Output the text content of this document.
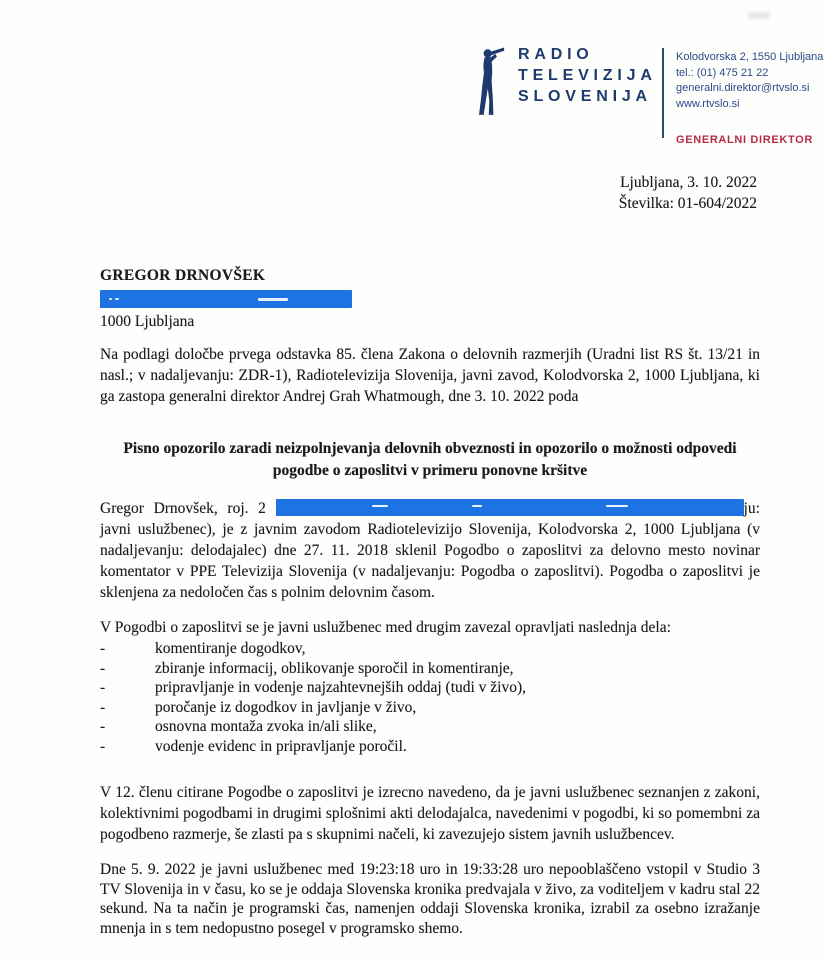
RADIO
TELEVIZIJA
SLOVENIJA
Kolodvorska 2, 1550 Ljubljana
tel.: (01) 475 21 22
generalni.direktor@rtvslo.si
www.rtvslo.si
GENERALNI DIREKTOR
Ljubljana, 3. 10. 2022
Številka: 01-604/2022
GREGOR DRNOVŠEK
1000 Ljubljana

Na podlagi določbe prvega odstavka 85. člena Zakona o delovnih razmerjih (Uradni list RS št. 13/21 in nasl.; v nadaljevanju: ZDR-1), Radiotelevizija Slovenija, javni zavod, Kolodvorska 2, 1000 Ljubljana, ki ga zastopa generalni direktor Andrej Grah Whatmough, dne 3. 10. 2022 poda

Pisno opozorilo zaradi neizpolnjevanja delovnih obveznosti in opozorilo o možnosti odpovedi pogodbe o zaposlitvi v primeru ponovne kršitve

Gregor Drnovšek, roj. 2	ju: javni uslužbenec), je z javnim zavodom Radiotelevizijo Slovenija, Kolodvorska 2, 1000 Ljubljana (v nadaljevanju: delodajalec) dne 27. 11. 2018 sklenil Pogodbo o zaposlitvi za delovno mesto novinar komentator v PPE Televizija Slovenija (v nadaljevanju: Pogodba o zaposlitvi). Pogodba o zaposlitvi je sklenjena za nedoločen čas s polnim delovnim časom.

V Pogodbi o zaposlitvi se je javni uslužbenec med drugim zavezal opravljati naslednja dela:

-	komentiranje dogodkov,
-	zbiranje informacij, oblikovanje sporočil in komentiranje,
-	pripravljanje in vodenje najzahtevnejših oddaj (tudi v živo),
-	poročanje iz dogodkov in javljanje v živo,
-	osnovna montaža zvoka in/ali slike,
-	vodenje evidenc in pripravljanje poročil.

V 12. členu citirane Pogodbe o zaposlitvi je izrecno navedeno, da je javni uslužbenec seznanjen z zakoni, kolektivnimi pogodbami in drugimi splošnimi akti delodajalca, navedenimi v pogodbi, ki so pomembni za pogodbeno razmerje, še zlasti pa s skupnimi načeli, ki zavezujejo sistem javnih uslužbencev.

Dne 5. 9. 2022 je javni uslužbenec med 19:23:18 uro in 19:33:28 uro nepooblaščeno vstopil v Studio 3 TV Slovenija in v času, ko se je oddaja Slovenska kronika predvajala v živo, za voditeljem v kadru stal 22 sekund. Na ta način je programski čas, namenjen oddaji Slovenska kronika, izrabil za osebno izražanje mnenja in s tem nedopustno posegel v programsko shemo.
